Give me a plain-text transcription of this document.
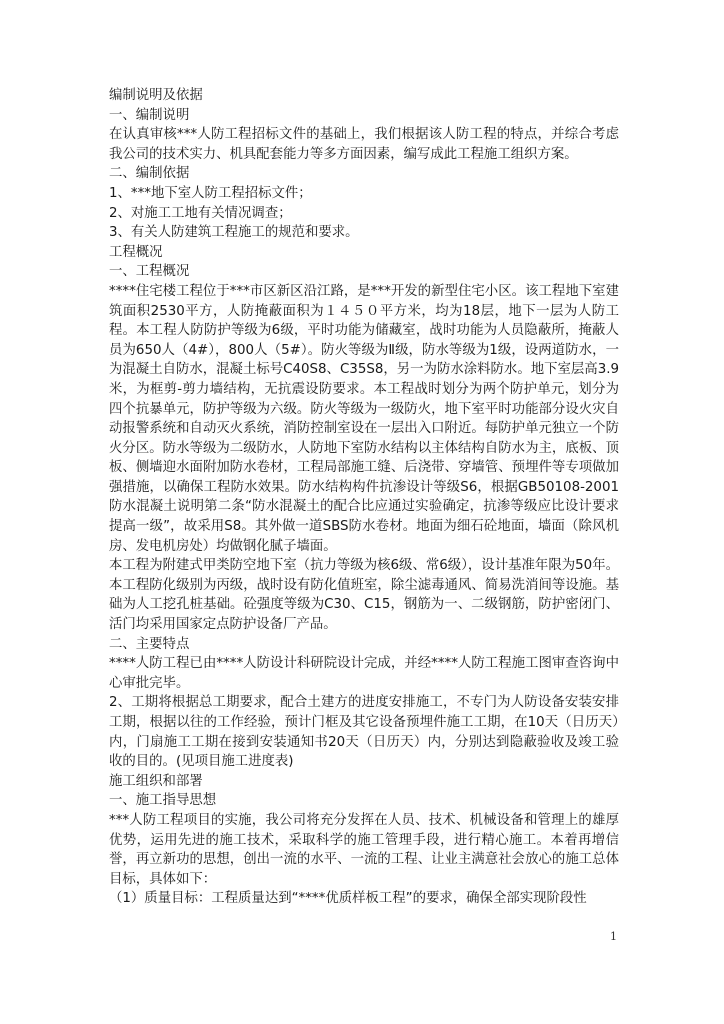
编制说明及依据

一、编制说明

在认真审核***人防工程招标文件的基础上，我们根据该人防工程的特点，并综合考虑我公司的技术实力、机具配套能力等多方面因素，编写成此工程施工组织方案。

二、编制依据

1、***地下室人防工程招标文件；

2、对施工工地有关情况调查；

3、有关人防建筑工程施工的规范和要求。

工程概况

一、工程概况

****住宅楼工程位于***市区新区沿江路，是***开发的新型住宅小区。该工程地下室建筑面积2530平方，人防掩蔽面积为１４５０平方米，均为18层，地下一层为人防工程。本工程人防防护等级为6级，平时功能为储藏室，战时功能为人员隐蔽所，掩蔽人员为650人（4#），800人（5#）。防火等级为Ⅱ级，防水等级为1级，设两道防水，一为混凝土自防水，混凝土标号C40S8、C35S8，另一为防水涂料防水。地下室层高3.9米，为框剪-剪力墙结构，无抗震设防要求。本工程战时划分为两个防护单元，划分为四个抗暴单元，防护等级为六级。防火等级为一级防火，地下室平时功能部分设火灾自动报警系统和自动灭火系统，消防控制室设在一层出入口附近。每防护单元独立一个防火分区。防水等级为二级防水，人防地下室防水结构以主体结构自防水为主，底板、顶板、侧墙迎水面附加防水卷材，工程局部施工缝、后浇带、穿墙管、预埋件等专项做加强措施，以确保工程防水效果。防水结构构件抗渗设计等级S6，根据GB50108-2001防水混凝土说明第二条“防水混凝土的配合比应通过实验确定，抗渗等级应比设计要求提高一级”，故采用S8。其外做一道SBS防水卷材。地面为细石砼地面，墙面（除风机房、发电机房处）均做钢化腻子墙面。

本工程为附建式甲类防空地下室（抗力等级为核6级、常6级），设计基准年限为50年。本工程防化级别为丙级，战时设有防化值班室，除尘滤毒通风、简易洗消间等设施。基础为人工挖孔桩基础。砼强度等级为C30、C15，钢筋为一、二级钢筋，防护密闭门、活门均采用国家定点防护设备厂产品。

二、主要特点

****人防工程已由****人防设计科研院设计完成，并经****人防工程施工图审查咨询中心审批完毕。

2、工期将根据总工期要求，配合土建方的进度安排施工，不专门为人防设备安装安排工期，根据以往的工作经验，预计门框及其它设备预埋件施工工期，在10天（日历天）内，门扇施工工期在接到安装通知书20天（日历天）内，分别达到隐蔽验收及竣工验收的目的。(见项目施工进度表)

施工组织和部署

一、施工指导思想

***人防工程项目的实施，我公司将充分发挥在人员、技术、机械设备和管理上的雄厚优势，运用先进的施工技术，采取科学的施工管理手段，进行精心施工。本着再增信誉，再立新功的思想，创出一流的水平、一流的工程、让业主满意社会放心的施工总体目标，具体如下：

（1）质量目标：工程质量达到“****优质样板工程”的要求，确保全部实现阶段性

1
